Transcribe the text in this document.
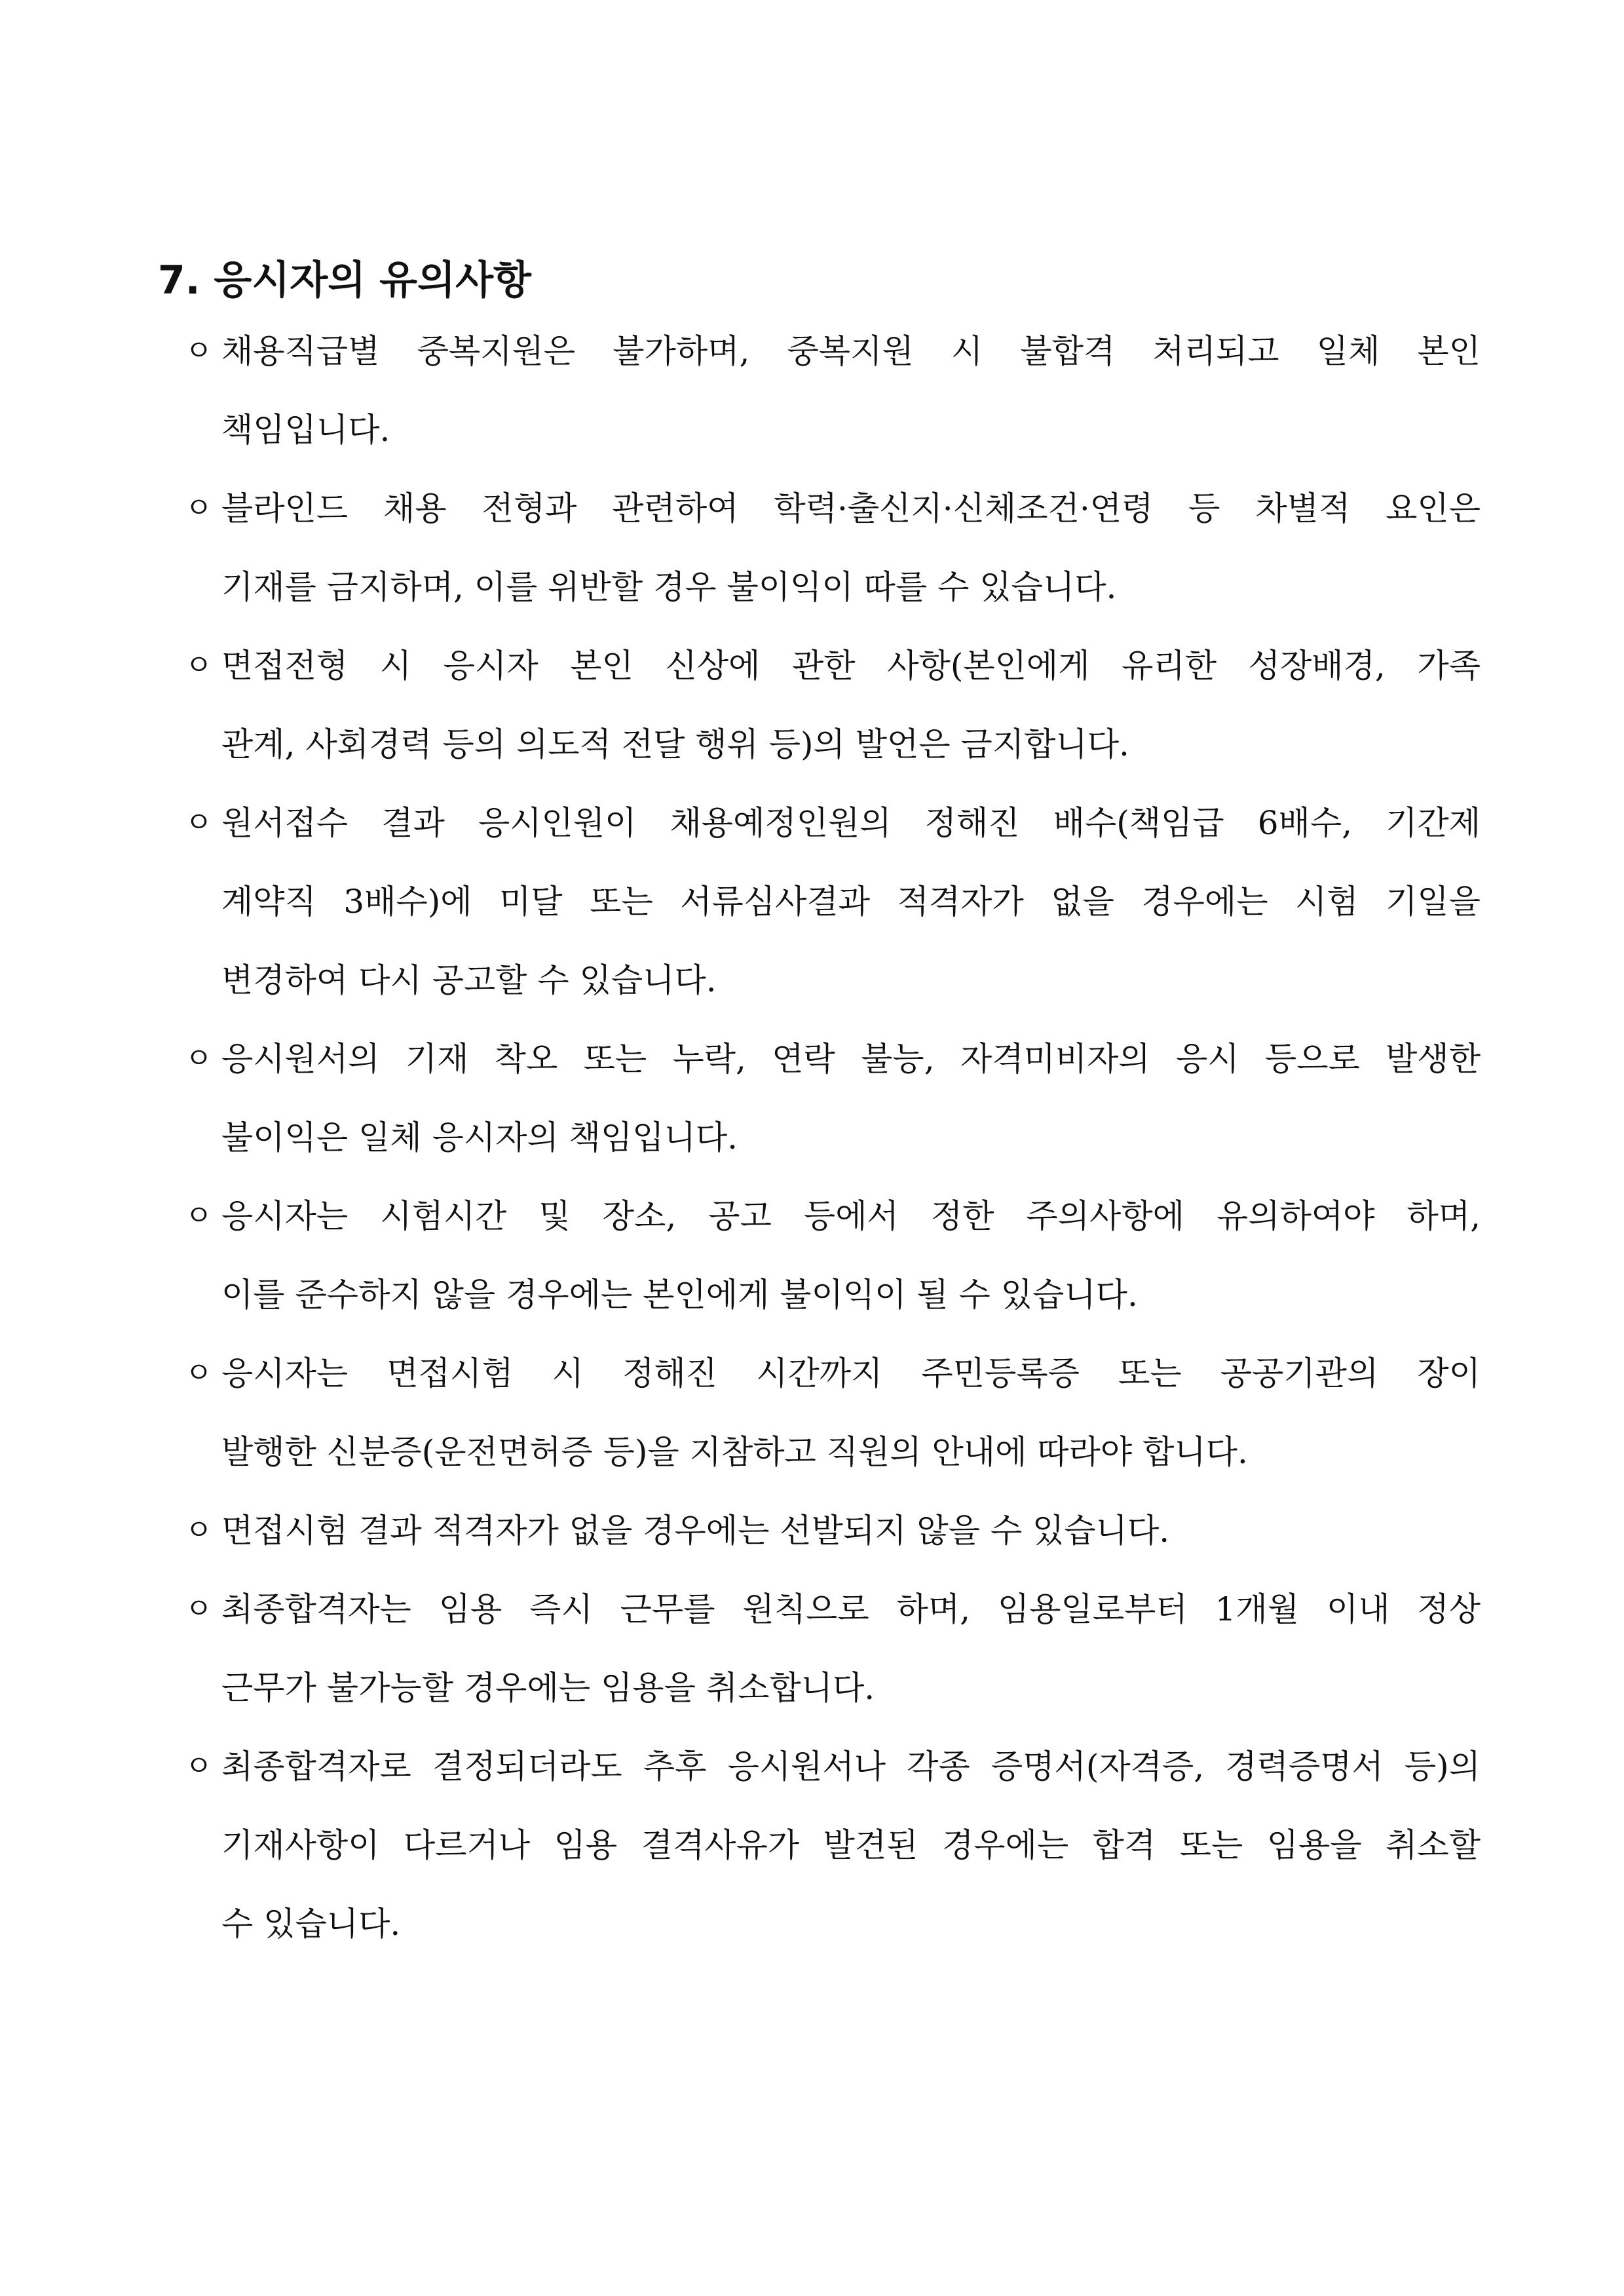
7. 응시자의 유의사항
ㅇ 채용직급별 중복지원은 불가하며, 중복지원 시 불합격 처리되고 일체 본인
책임입니다.
ㅇ 블라인드 채용 전형과 관련하여 학력·출신지·신체조건·연령 등 차별적 요인은
기재를 금지하며, 이를 위반할 경우 불이익이 따를 수 있습니다.
ㅇ 면접전형 시 응시자 본인 신상에 관한 사항(본인에게 유리한 성장배경, 가족
관계, 사회경력 등의 의도적 전달 행위 등)의 발언은 금지합니다.
ㅇ 원서접수 결과 응시인원이 채용예정인원의 정해진 배수(책임급 6배수, 기간제
계약직 3배수)에 미달 또는 서류심사결과 적격자가 없을 경우에는 시험 기일을
변경하여 다시 공고할 수 있습니다.
ㅇ 응시원서의 기재 착오 또는 누락, 연락 불능, 자격미비자의 응시 등으로 발생한
불이익은 일체 응시자의 책임입니다.
ㅇ 응시자는 시험시간 및 장소, 공고 등에서 정한 주의사항에 유의하여야 하며,
이를 준수하지 않을 경우에는 본인에게 불이익이 될 수 있습니다.
ㅇ 응시자는 면접시험 시 정해진 시간까지 주민등록증 또는 공공기관의 장이
발행한 신분증(운전면허증 등)을 지참하고 직원의 안내에 따라야 합니다.
ㅇ 면접시험 결과 적격자가 없을 경우에는 선발되지 않을 수 있습니다.
ㅇ 최종합격자는 임용 즉시 근무를 원칙으로 하며, 임용일로부터 1개월 이내 정상
근무가 불가능할 경우에는 임용을 취소합니다.
ㅇ 최종합격자로 결정되더라도 추후 응시원서나 각종 증명서(자격증, 경력증명서 등)의
기재사항이 다르거나 임용 결격사유가 발견된 경우에는 합격 또는 임용을 취소할
수 있습니다.
